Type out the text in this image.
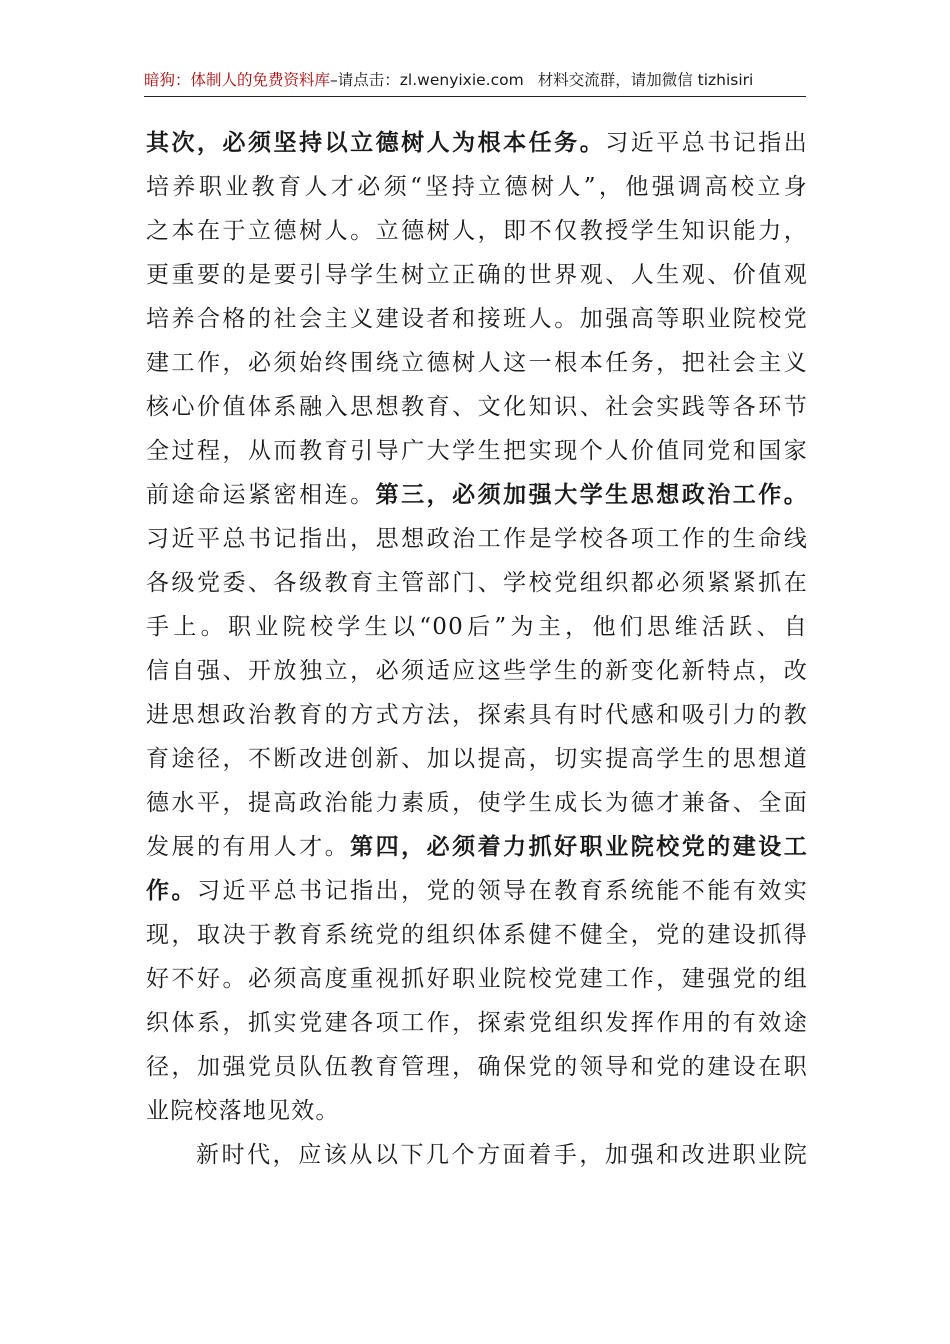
暗狗：体制人的免费资料库–请点击：zl.wenyixie.com 材料交流群，请加微信 tizhisiri
其次，必须坚持以立德树人为根本任务。习近平总书记指出
培养职业教育人才必须“坚持立德树人”，他强调高校立身
之本在于立德树人。立德树人，即不仅教授学生知识能力，
更重要的是要引导学生树立正确的世界观、人生观、价值观
培养合格的社会主义建设者和接班人。加强高等职业院校党
建工作，必须始终围绕立德树人这一根本任务，把社会主义
核心价值体系融入思想教育、文化知识、社会实践等各环节
全过程，从而教育引导广大学生把实现个人价值同党和国家
前途命运紧密相连。第三，必须加强大学生思想政治工作。
习近平总书记指出，思想政治工作是学校各项工作的生命线
各级党委、各级教育主管部门、学校党组织都必须紧紧抓在
手上。职业院校学生以“00后”为主，他们思维活跃、自
信自强、开放独立，必须适应这些学生的新变化新特点，改
进思想政治教育的方式方法，探索具有时代感和吸引力的教
育途径，不断改进创新、加以提高，切实提高学生的思想道
德水平，提高政治能力素质，使学生成长为德才兼备、全面
发展的有用人才。第四，必须着力抓好职业院校党的建设工
作。习近平总书记指出，党的领导在教育系统能不能有效实
现，取决于教育系统党的组织体系健不健全，党的建设抓得
好不好。必须高度重视抓好职业院校党建工作，建强党的组
织体系，抓实党建各项工作，探索党组织发挥作用的有效途
径，加强党员队伍教育管理，确保党的领导和党的建设在职
业院校落地见效。
新时代，应该从以下几个方面着手，加强和改进职业院
